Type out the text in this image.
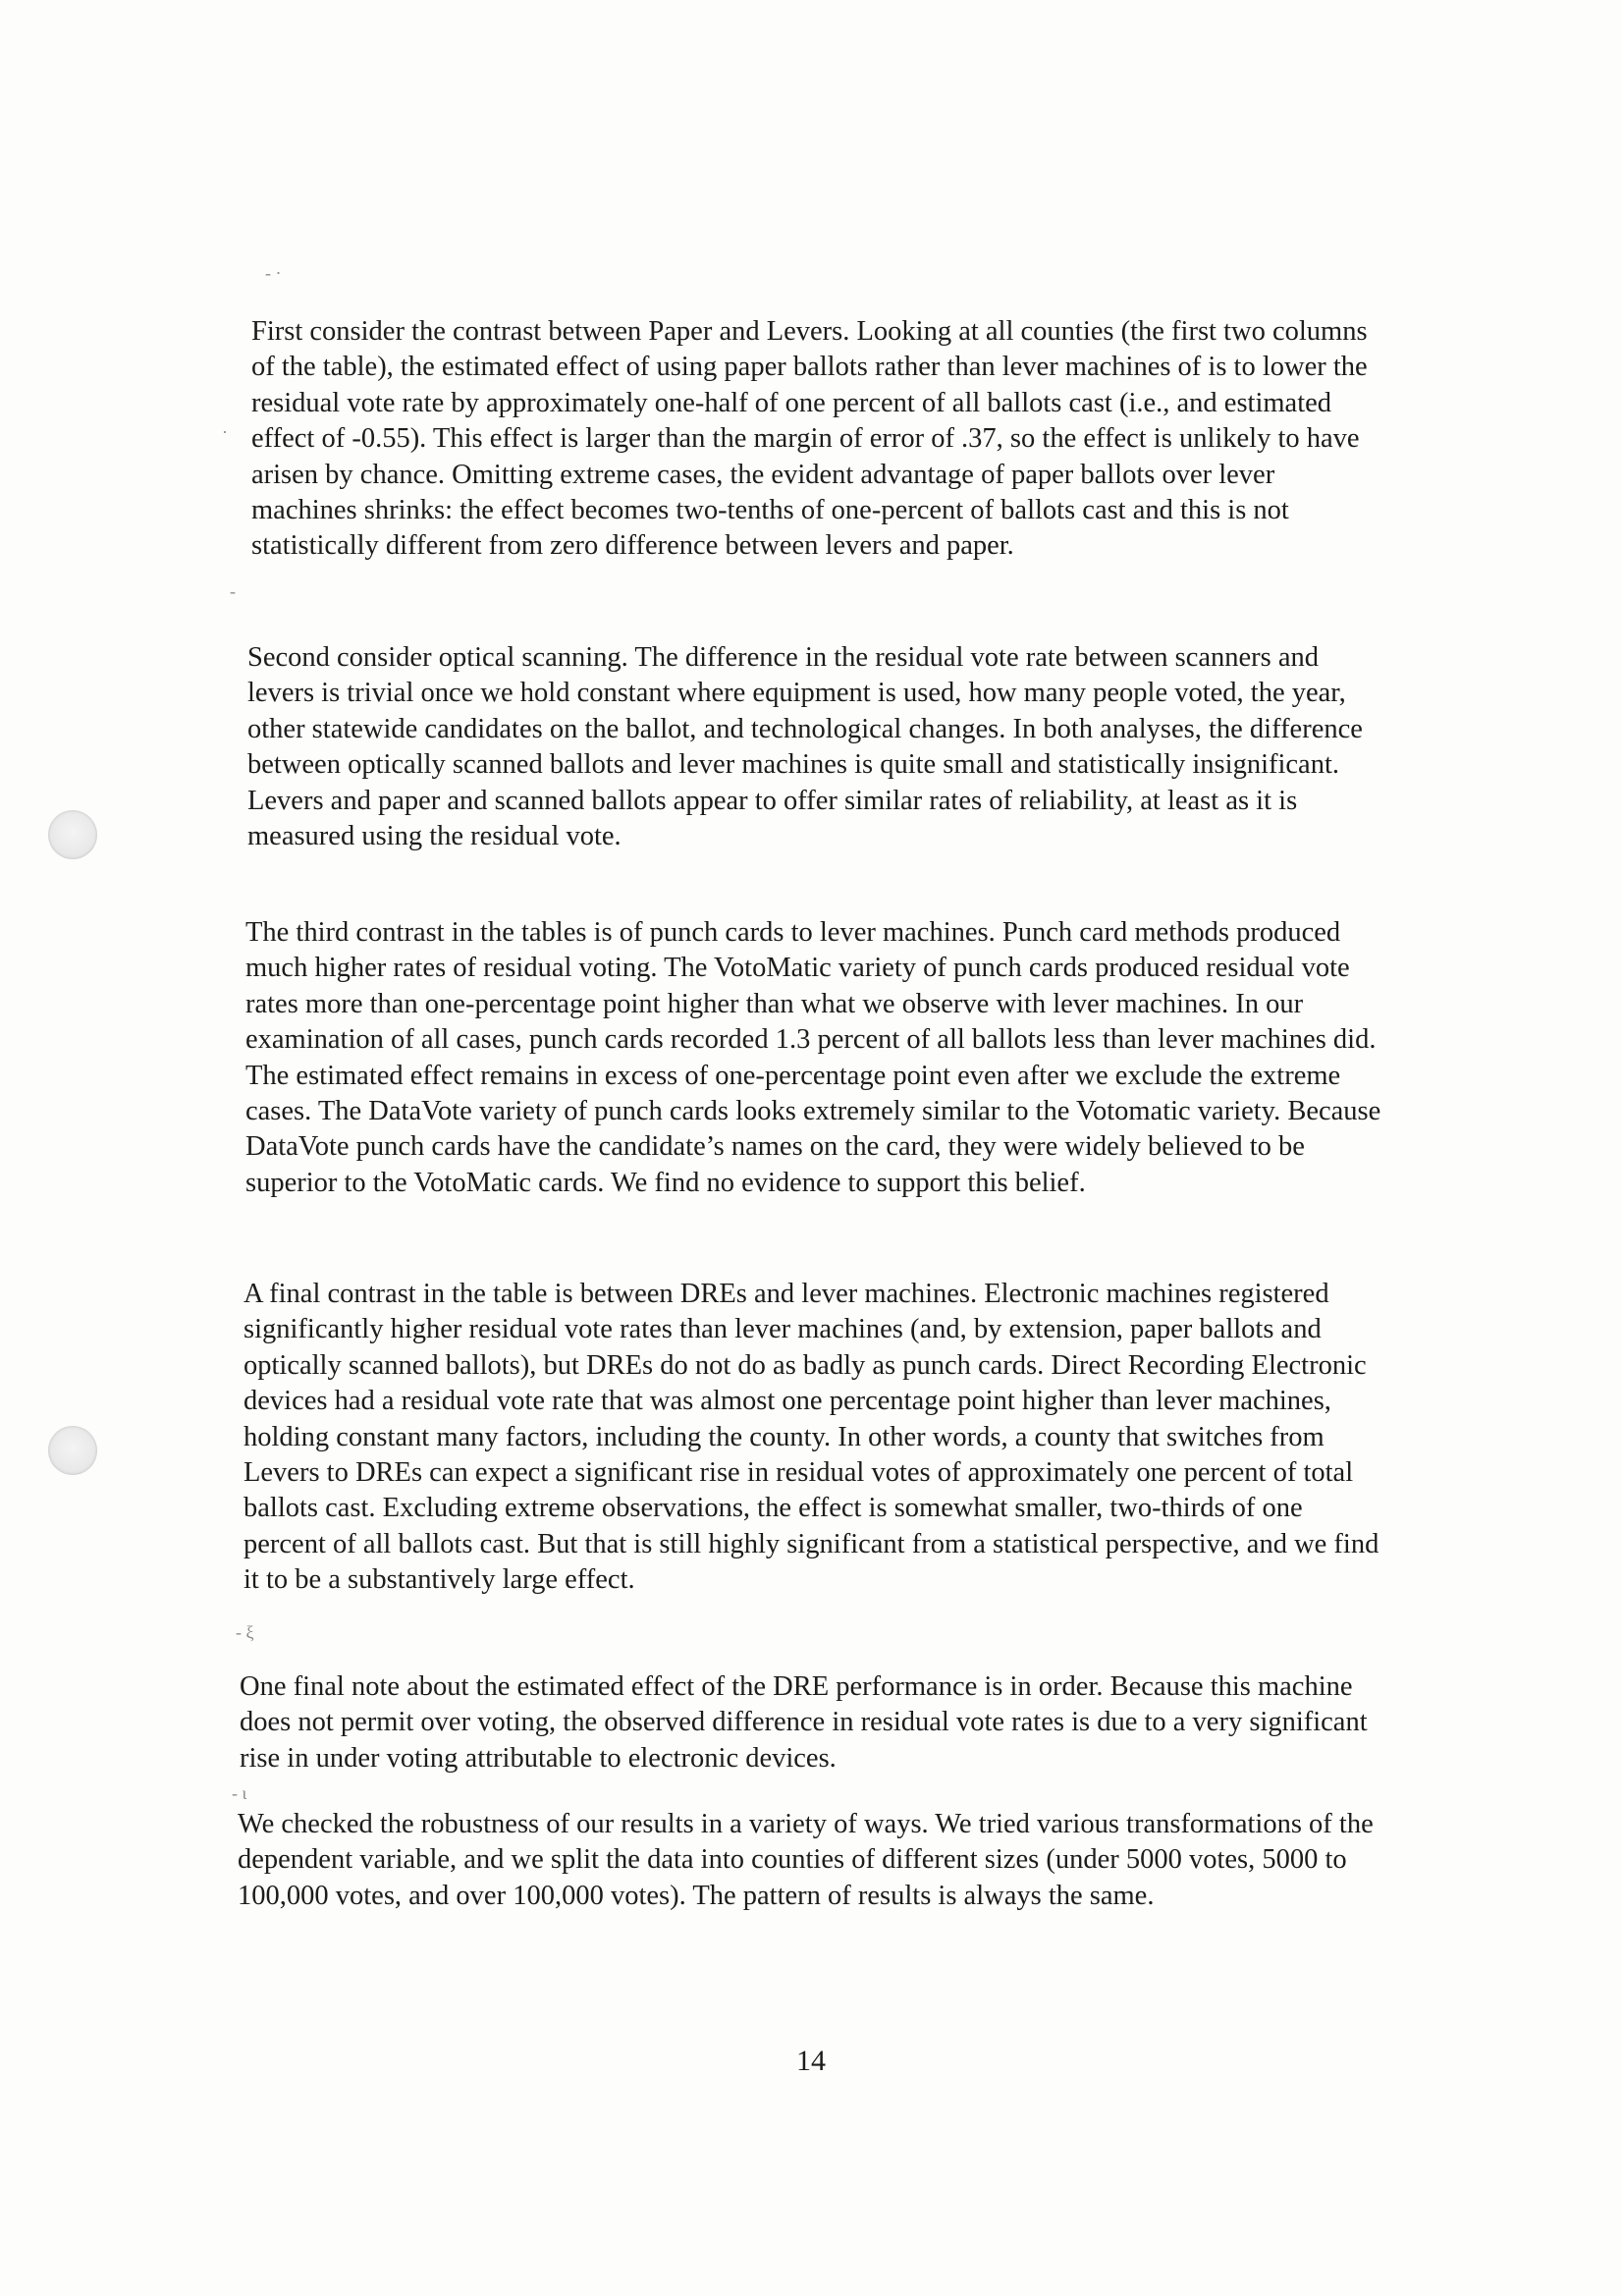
- ·
·
-
- ξ
- ι

First consider the contrast between Paper and Levers. Looking at all counties (the first two columns of the table), the estimated effect of using paper ballots rather than lever machines of is to lower the residual vote rate by approximately one-half of one percent of all ballots cast (i.e., and estimated effect of -0.55). This effect is larger than the margin of error of .37, so the effect is unlikely to have arisen by chance. Omitting extreme cases, the evident advantage of paper ballots over lever machines shrinks: the effect becomes two-tenths of one-percent of ballots cast and this is not statistically different from zero difference between levers and paper.

Second consider optical scanning. The difference in the residual vote rate between scanners and levers is trivial once we hold constant where equipment is used, how many people voted, the year, other statewide candidates on the ballot, and technological changes. In both analyses, the difference between optically scanned ballots and lever machines is quite small and statistically insignificant. Levers and paper and scanned ballots appear to offer similar rates of reliability, at least as it is measured using the residual vote.

The third contrast in the tables is of punch cards to lever machines. Punch card methods produced much higher rates of residual voting. The VotoMatic variety of punch cards produced residual vote rates more than one-percentage point higher than what we observe with lever machines. In our examination of all cases, punch cards recorded 1.3 percent of all ballots less than lever machines did. The estimated effect remains in excess of one-percentage point even after we exclude the extreme cases. The DataVote variety of punch cards looks extremely similar to the Votomatic variety. Because DataVote punch cards have the candidate’s names on the card, they were widely believed to be superior to the VotoMatic cards. We find no evidence to support this belief.

A final contrast in the table is between DREs and lever machines. Electronic machines registered significantly higher residual vote rates than lever machines (and, by extension, paper ballots and optically scanned ballots), but DREs do not do as badly as punch cards. Direct Recording Electronic devices had a residual vote rate that was almost one percentage point higher than lever machines, holding constant many factors, including the county. In other words, a county that switches from Levers to DREs can expect a significant rise in residual votes of approximately one percent of total ballots cast. Excluding extreme observations, the effect is somewhat smaller, two-thirds of one percent of all ballots cast. But that is still highly significant from a statistical perspective, and we find it to be a substantively large effect.

One final note about the estimated effect of the DRE performance is in order. Because this machine does not permit over voting, the observed difference in residual vote rates is due to a very significant rise in under voting attributable to electronic devices.

We checked the robustness of our results in a variety of ways. We tried various transformations of the dependent variable, and we split the data into counties of different sizes (under 5000 votes, 5000 to 100,000 votes, and over 100,000 votes). The pattern of results is always the same.

14
